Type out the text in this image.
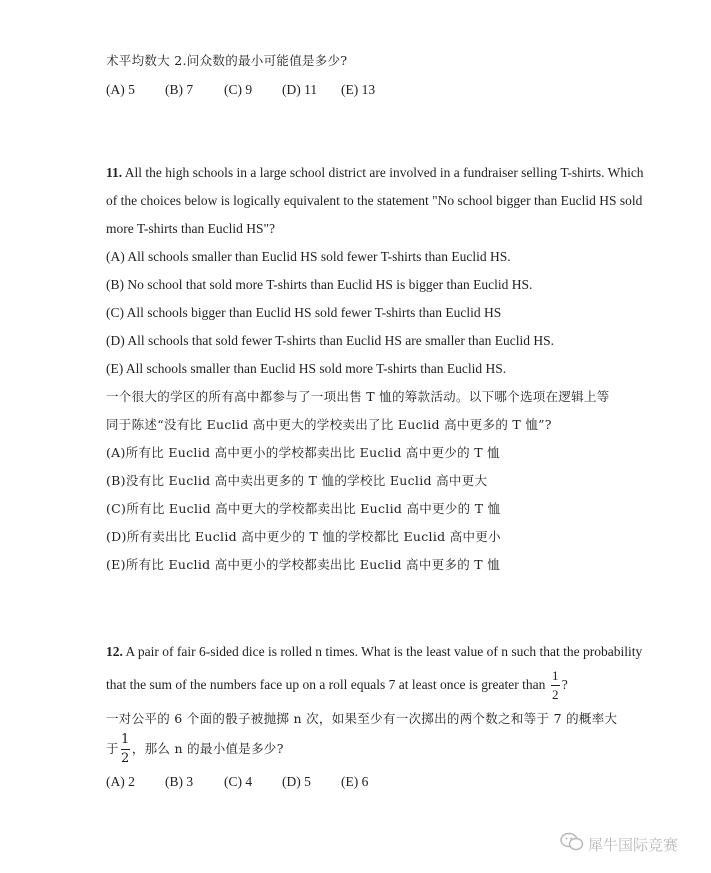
术平均数大 2.问众数的最小可能值是多少?
(A) 5 (B) 7 (C) 9 (D) 11 (E) 13
11. All the high schools in a large school district are involved in a fundraiser selling T-shirts. Which
of the choices below is logically equivalent to the statement "No school bigger than Euclid HS sold
more T-shirts than Euclid HS"?
(A) All schools smaller than Euclid HS sold fewer T-shirts than Euclid HS.
(B) No school that sold more T-shirts than Euclid HS is bigger than Euclid HS.
(C) All schools bigger than Euclid HS sold fewer T-shirts than Euclid HS
(D) All schools that sold fewer T-shirts than Euclid HS are smaller than Euclid HS.
(E) All schools smaller than Euclid HS sold more T-shirts than Euclid HS.
一个很大的学区的所有高中都参与了一项出售 T 恤的筹款活动。以下哪个选项在逻辑上等
同于陈述“没有比 Euclid 高中更大的学校卖出了比 Euclid 高中更多的 T 恤”?
(A)所有比 Euclid 高中更小的学校都卖出比 Euclid 高中更少的 T 恤
(B)没有比 Euclid 高中卖出更多的 T 恤的学校比 Euclid 高中更大
(C)所有比 Euclid 高中更大的学校都卖出比 Euclid 高中更少的 T 恤
(D)所有卖出比 Euclid 高中更少的 T 恤的学校都比 Euclid 高中更小
(E)所有比 Euclid 高中更小的学校都卖出比 Euclid 高中更多的 T 恤
12. A pair of fair 6-sided dice is rolled n times. What is the least value of n such that the probability
that the sum of the numbers face up on a roll equals 7 at least once is greater than $\frac{1}{2}$ ?
一对公平的 6 个面的骰子被抛掷 n 次，如果至少有一次掷出的两个数之和等于 7 的概率大
于 $\frac{1}{2}$ ，那么 n 的最小值是多少?
(A) 2 (B) 3 (C) 4 (D) 5 (E) 6
犀牛国际竞赛
